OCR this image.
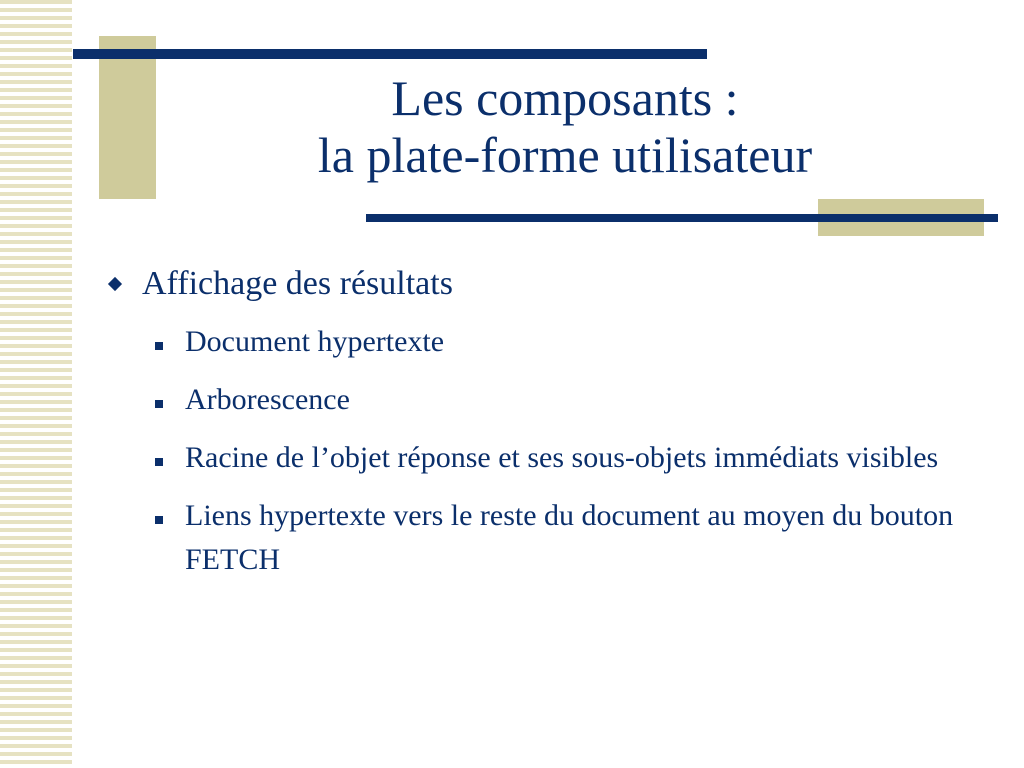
Les composants :
la plate-forme utilisateur
Affichage des résultats
Document hypertexte
Arborescence
Racine de l’objet réponse et ses sous-objets immédiats visibles
Liens hypertexte vers le reste du document au moyen du bouton FETCH
